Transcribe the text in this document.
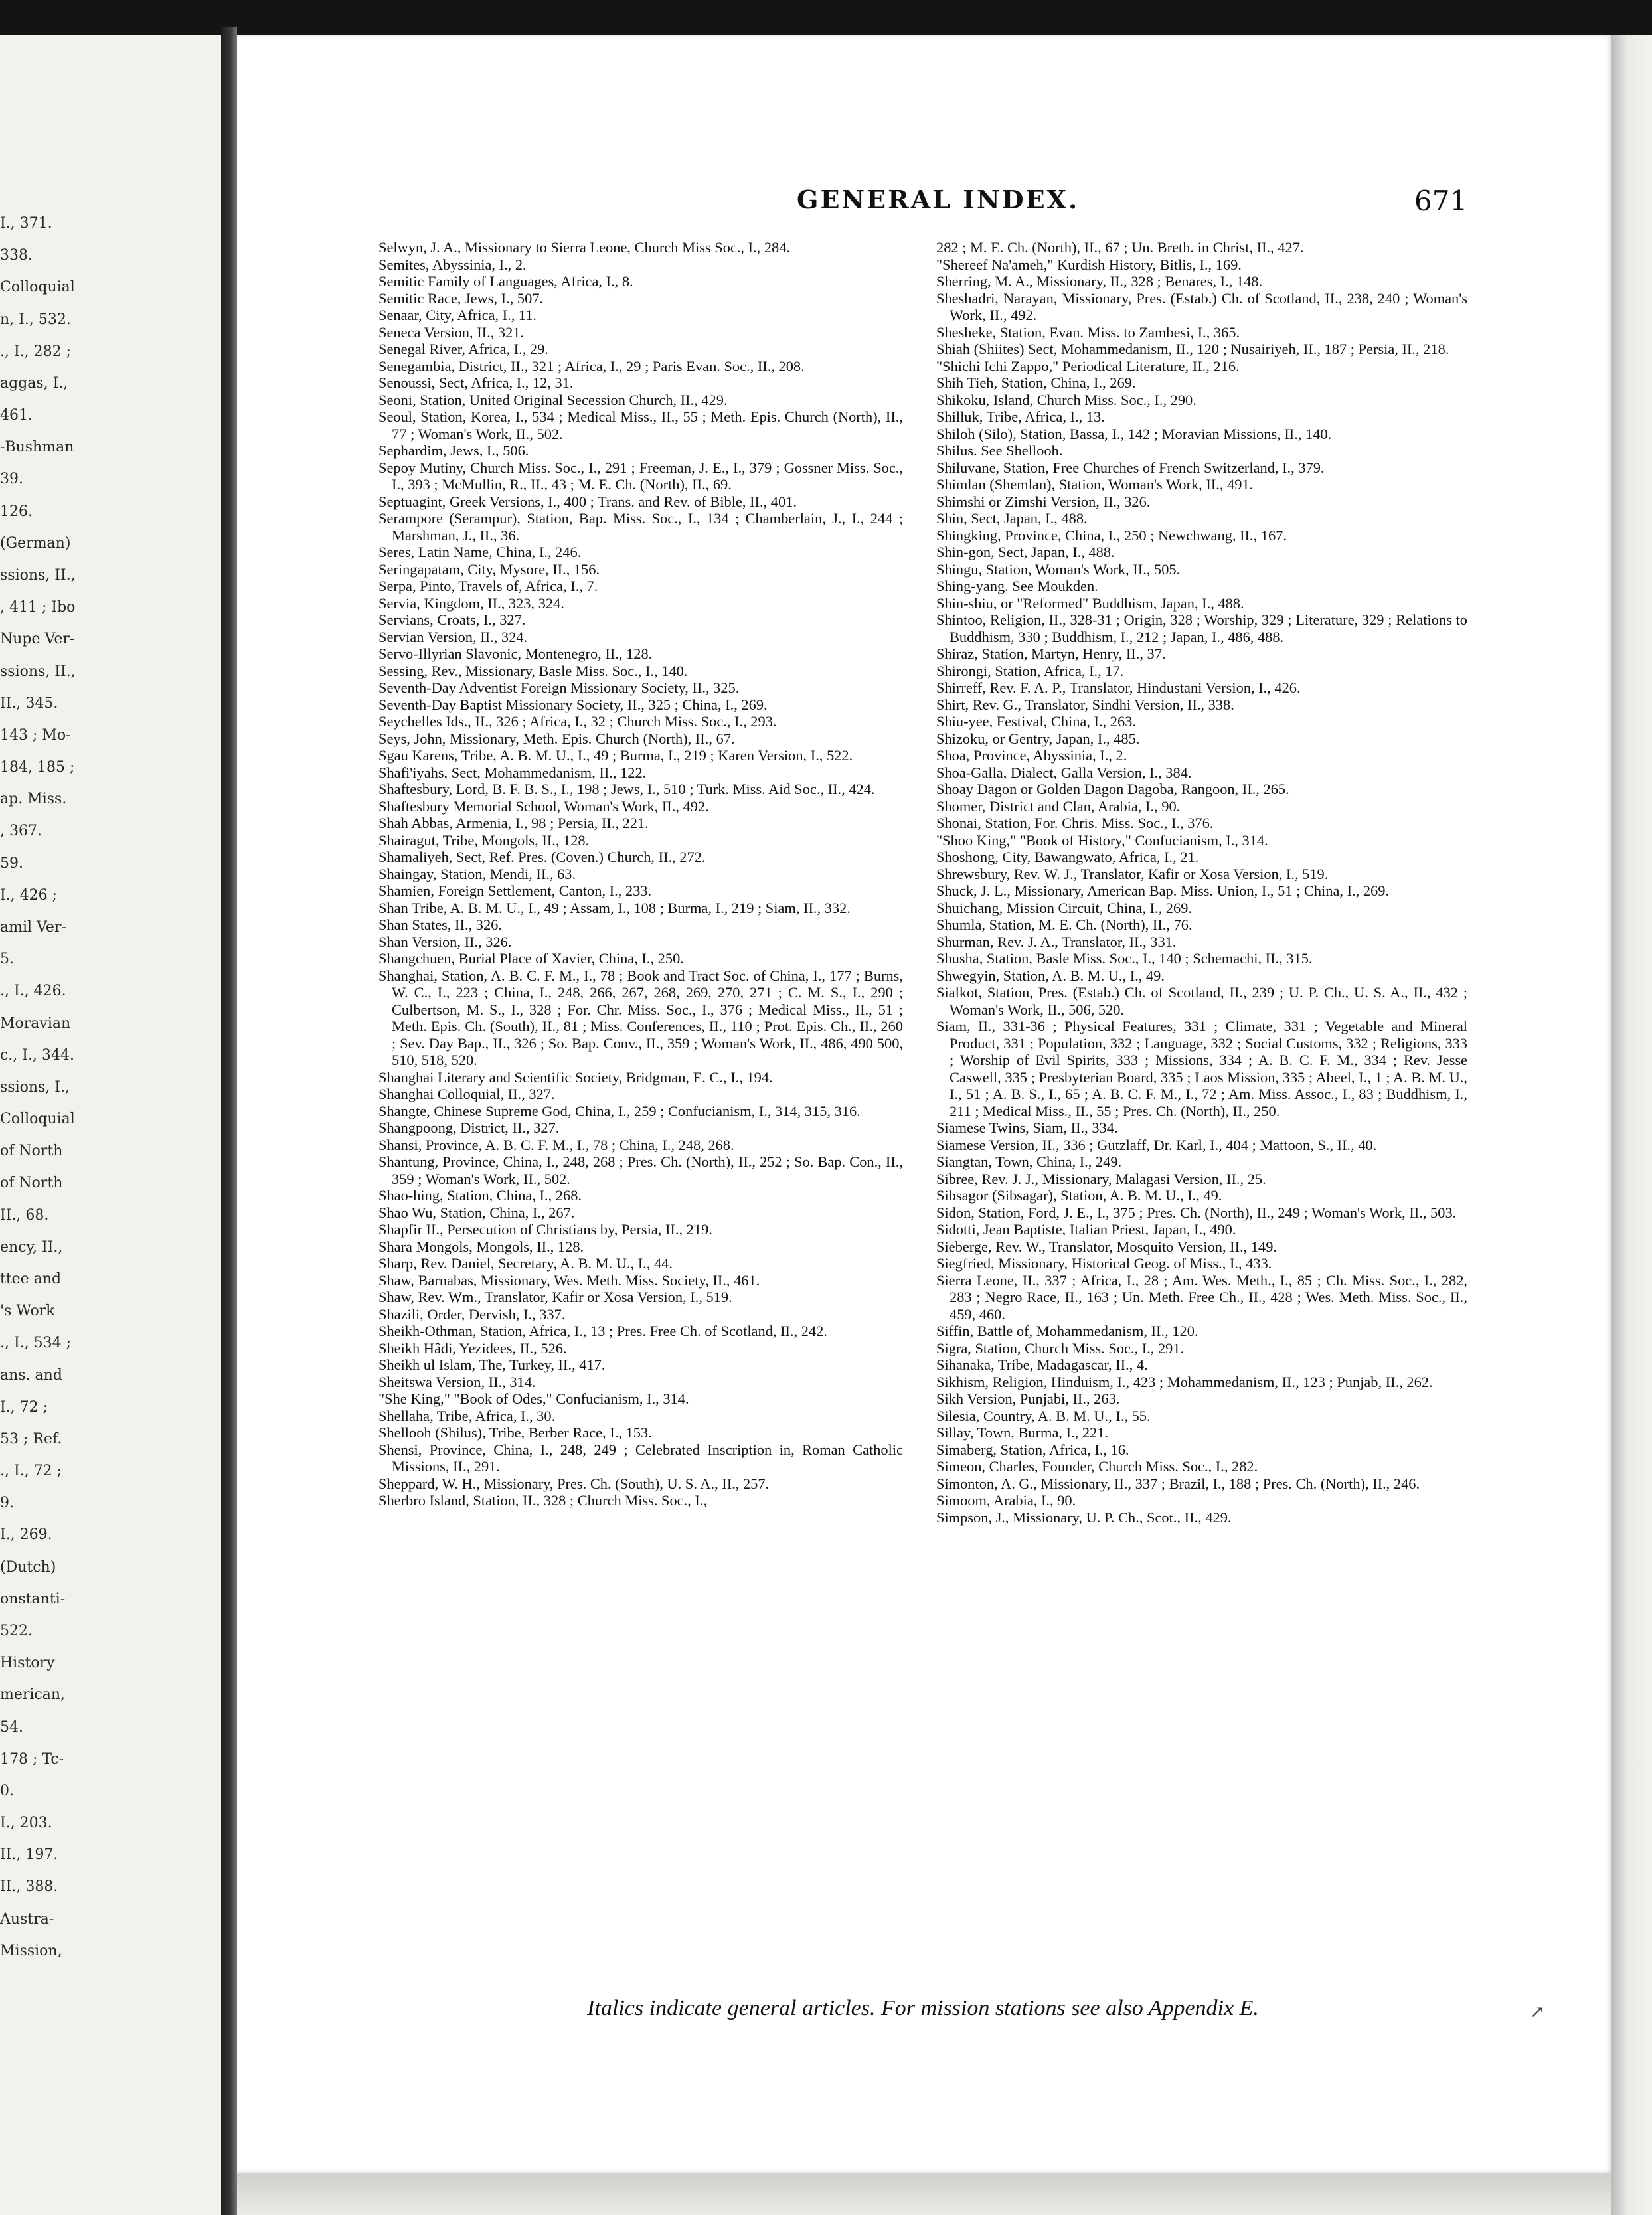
I., 371.
338.
Colloquial
n, I., 532.
., I., 282 ;
aggas, I.,
461.
-Bushman
39.
126.
(German)
ssions, II.,
, 411 ; Ibo
Nupe Ver-
ssions, II.,
II., 345.
143 ; Mo-
184, 185 ;
ap. Miss.
, 367.
59.
I., 426 ;
amil Ver-
5.
., I., 426.
Moravian
c., I., 344.
ssions, I.,
Colloquial
of North
of North
II., 68.
ency, II.,
ttee and
's Work
., I., 534 ;
ans. and
I., 72 ;
53 ; Ref.
., I., 72 ;
9.
I., 269.
(Dutch)
onstanti-
522.
History
merican,
54.
178 ; Tc-
0.
I., 203.
II., 197.
II., 388.
Austra-
Mission,
GENERAL INDEX.	671
Selwyn, J. A., Missionary to Sierra Leone, Church Miss Soc., I., 284.
Semites, Abyssinia, I., 2.
Semitic Family of Languages, Africa, I., 8.
Semitic Race, Jews, I., 507.
Senaar, City, Africa, I., 11.
Seneca Version, II., 321.
Senegal River, Africa, I., 29.
Senegambia, District, II., 321 ; Africa, I., 29 ; Paris Evan. Soc., II., 208.
Senoussi, Sect, Africa, I., 12, 31.
Seoni, Station, United Original Secession Church, II., 429.
Seoul, Station, Korea, I., 534 ; Medical Miss., II., 55 ; Meth. Epis. Church (North), II., 77 ; Woman's Work, II., 502.
Sephardim, Jews, I., 506.
Sepoy Mutiny, Church Miss. Soc., I., 291 ; Freeman, J. E., I., 379 ; Gossner Miss. Soc., I., 393 ; McMullin, R., II., 43 ; M. E. Ch. (North), II., 69.
Septuagint, Greek Versions, I., 400 ; Trans. and Rev. of Bible, II., 401.
Serampore (Serampur), Station, Bap. Miss. Soc., I., 134 ; Chamberlain, J., I., 244 ; Marshman, J., II., 36.
Seres, Latin Name, China, I., 246.
Seringapatam, City, Mysore, II., 156.
Serpa, Pinto, Travels of, Africa, I., 7.
Servia, Kingdom, II., 323, 324.
Servians, Croats, I., 327.
Servian Version, II., 324.
Servo-Illyrian Slavonic, Montenegro, II., 128.
Sessing, Rev., Missionary, Basle Miss. Soc., I., 140.
Seventh-Day Adventist Foreign Missionary Society, II., 325.
Seventh-Day Baptist Missionary Society, II., 325 ; China, I., 269.
Seychelles Ids., II., 326 ; Africa, I., 32 ; Church Miss. Soc., I., 293.
Seys, John, Missionary, Meth. Epis. Church (North), II., 67.
Sgau Karens, Tribe, A. B. M. U., I., 49 ; Burma, I., 219 ; Karen Version, I., 522.
Shafi'iyahs, Sect, Mohammedanism, II., 122.
Shaftesbury, Lord, B. F. B. S., I., 198 ; Jews, I., 510 ; Turk. Miss. Aid Soc., II., 424.
Shaftesbury Memorial School, Woman's Work, II., 492.
Shah Abbas, Armenia, I., 98 ; Persia, II., 221.
Shairagut, Tribe, Mongols, II., 128.
Shamaliyeh, Sect, Ref. Pres. (Coven.) Church, II., 272.
Shaingay, Station, Mendi, II., 63.
Shamien, Foreign Settlement, Canton, I., 233.
Shan Tribe, A. B. M. U., I., 49 ; Assam, I., 108 ; Burma, I., 219 ; Siam, II., 332.
Shan States, II., 326.
Shan Version, II., 326.
Shangchuen, Burial Place of Xavier, China, I., 250.
Shanghai, Station, A. B. C. F. M., I., 78 ; Book and Tract Soc. of China, I., 177 ; Burns, W. C., I., 223 ; China, I., 248, 266, 267, 268, 269, 270, 271 ; C. M. S., I., 290 ; Culbertson, M. S., I., 328 ; For. Chr. Miss. Soc., I., 376 ; Medical Miss., II., 51 ; Meth. Epis. Ch. (South), II., 81 ; Miss. Conferences, II., 110 ; Prot. Epis. Ch., II., 260 ; Sev. Day Bap., II., 326 ; So. Bap. Conv., II., 359 ; Woman's Work, II., 486, 490 500, 510, 518, 520.
Shanghai Literary and Scientific Society, Bridgman, E. C., I., 194.
Shanghai Colloquial, II., 327.
Shangte, Chinese Supreme God, China, I., 259 ; Confucianism, I., 314, 315, 316.
Shangpoong, District, II., 327.
Shansi, Province, A. B. C. F. M., I., 78 ; China, I., 248, 268.
Shantung, Province, China, I., 248, 268 ; Pres. Ch. (North), II., 252 ; So. Bap. Con., II., 359 ; Woman's Work, II., 502.
Shao-hing, Station, China, I., 268.
Shao Wu, Station, China, I., 267.
Shapfir II., Persecution of Christians by, Persia, II., 219.
Shara Mongols, Mongols, II., 128.
Sharp, Rev. Daniel, Secretary, A. B. M. U., I., 44.
Shaw, Barnabas, Missionary, Wes. Meth. Miss. Society, II., 461.
Shaw, Rev. Wm., Translator, Kafir or Xosa Version, I., 519.
Shazili, Order, Dervish, I., 337.
Sheikh-Othman, Station, Africa, I., 13 ; Pres. Free Ch. of Scotland, II., 242.
Sheikh Hâdi, Yezidees, II., 526.
Sheikh ul Islam, The, Turkey, II., 417.
Sheitswa Version, II., 314.
"She King," "Book of Odes," Confucianism, I., 314.
Shellaha, Tribe, Africa, I., 30.
Shellooh (Shilus), Tribe, Berber Race, I., 153.
Shensi, Province, China, I., 248, 249 ; Celebrated Inscription in, Roman Catholic Missions, II., 291.
Sheppard, W. H., Missionary, Pres. Ch. (South), U. S. A., II., 257.
Sherbro Island, Station, II., 328 ; Church Miss. Soc., I.,
282 ; M. E. Ch. (North), II., 67 ; Un. Breth. in Christ, II., 427.
"Shereef Na'ameh," Kurdish History, Bitlis, I., 169.
Sherring, M. A., Missionary, II., 328 ; Benares, I., 148.
Sheshadri, Narayan, Missionary, Pres. (Estab.) Ch. of Scotland, II., 238, 240 ; Woman's Work, II., 492.
Shesheke, Station, Evan. Miss. to Zambesi, I., 365.
Shiah (Shiites) Sect, Mohammedanism, II., 120 ; Nusairiyeh, II., 187 ; Persia, II., 218.
"Shichi Ichi Zappo," Periodical Literature, II., 216.
Shih Tieh, Station, China, I., 269.
Shikoku, Island, Church Miss. Soc., I., 290.
Shilluk, Tribe, Africa, I., 13.
Shiloh (Silo), Station, Bassa, I., 142 ; Moravian Missions, II., 140.
Shilus. See Shellooh.
Shiluvane, Station, Free Churches of French Switzerland, I., 379.
Shimlan (Shemlan), Station, Woman's Work, II., 491.
Shimshi or Zimshi Version, II., 326.
Shin, Sect, Japan, I., 488.
Shingking, Province, China, I., 250 ; Newchwang, II., 167.
Shin-gon, Sect, Japan, I., 488.
Shingu, Station, Woman's Work, II., 505.
Shing-yang. See Moukden.
Shin-shiu, or "Reformed" Buddhism, Japan, I., 488.
Shintoo, Religion, II., 328-31 ; Origin, 328 ; Worship, 329 ; Literature, 329 ; Relations to Buddhism, 330 ; Buddhism, I., 212 ; Japan, I., 486, 488.
Shiraz, Station, Martyn, Henry, II., 37.
Shirongi, Station, Africa, I., 17.
Shirreff, Rev. F. A. P., Translator, Hindustani Version, I., 426.
Shirt, Rev. G., Translator, Sindhi Version, II., 338.
Shiu-yee, Festival, China, I., 263.
Shizoku, or Gentry, Japan, I., 485.
Shoa, Province, Abyssinia, I., 2.
Shoa-Galla, Dialect, Galla Version, I., 384.
Shoay Dagon or Golden Dagon Dagoba, Rangoon, II., 265.
Shomer, District and Clan, Arabia, I., 90.
Shonai, Station, For. Chris. Miss. Soc., I., 376.
"Shoo King," "Book of History," Confucianism, I., 314.
Shoshong, City, Bawangwato, Africa, I., 21.
Shrewsbury, Rev. W. J., Translator, Kafir or Xosa Version, I., 519.
Shuck, J. L., Missionary, American Bap. Miss. Union, I., 51 ; China, I., 269.
Shuichang, Mission Circuit, China, I., 269.
Shumla, Station, M. E. Ch. (North), II., 76.
Shurman, Rev. J. A., Translator, II., 331.
Shusha, Station, Basle Miss. Soc., I., 140 ; Schemachi, II., 315.
Shwegyin, Station, A. B. M. U., I., 49.
Sialkot, Station, Pres. (Estab.) Ch. of Scotland, II., 239 ; U. P. Ch., U. S. A., II., 432 ; Woman's Work, II., 506, 520.
Siam, II., 331-36 ; Physical Features, 331 ; Climate, 331 ; Vegetable and Mineral Product, 331 ; Population, 332 ; Language, 332 ; Social Customs, 332 ; Religions, 333 ; Worship of Evil Spirits, 333 ; Missions, 334 ; A. B. C. F. M., 334 ; Rev. Jesse Caswell, 335 ; Presbyterian Board, 335 ; Laos Mission, 335 ; Abeel, I., 1 ; A. B. M. U., I., 51 ; A. B. S., I., 65 ; A. B. C. F. M., I., 72 ; Am. Miss. Assoc., I., 83 ; Buddhism, I., 211 ; Medical Miss., II., 55 ; Pres. Ch. (North), II., 250.
Siamese Twins, Siam, II., 334.
Siamese Version, II., 336 ; Gutzlaff, Dr. Karl, I., 404 ; Mattoon, S., II., 40.
Siangtan, Town, China, I., 249.
Sibree, Rev. J. J., Missionary, Malagasi Version, II., 25.
Sibsagor (Sibsagar), Station, A. B. M. U., I., 49.
Sidon, Station, Ford, J. E., I., 375 ; Pres. Ch. (North), II., 249 ; Woman's Work, II., 503.
Sidotti, Jean Baptiste, Italian Priest, Japan, I., 490.
Sieberge, Rev. W., Translator, Mosquito Version, II., 149.
Siegfried, Missionary, Historical Geog. of Miss., I., 433.
Sierra Leone, II., 337 ; Africa, I., 28 ; Am. Wes. Meth., I., 85 ; Ch. Miss. Soc., I., 282, 283 ; Negro Race, II., 163 ; Un. Meth. Free Ch., II., 428 ; Wes. Meth. Miss. Soc., II., 459, 460.
Siffin, Battle of, Mohammedanism, II., 120.
Sigra, Station, Church Miss. Soc., I., 291.
Sihanaka, Tribe, Madagascar, II., 4.
Sikhism, Religion, Hinduism, I., 423 ; Mohammedanism, II., 123 ; Punjab, II., 262.
Sikh Version, Punjabi, II., 263.
Silesia, Country, A. B. M. U., I., 55.
Sillay, Town, Burma, I., 221.
Simaberg, Station, Africa, I., 16.
Simeon, Charles, Founder, Church Miss. Soc., I., 282.
Simonton, A. G., Missionary, II., 337 ; Brazil, I., 188 ; Pres. Ch. (North), II., 246.
Simoom, Arabia, I., 90.
Simpson, J., Missionary, U. P. Ch., Scot., II., 429.
Italics indicate general articles. For mission stations see also Appendix E.	↗
